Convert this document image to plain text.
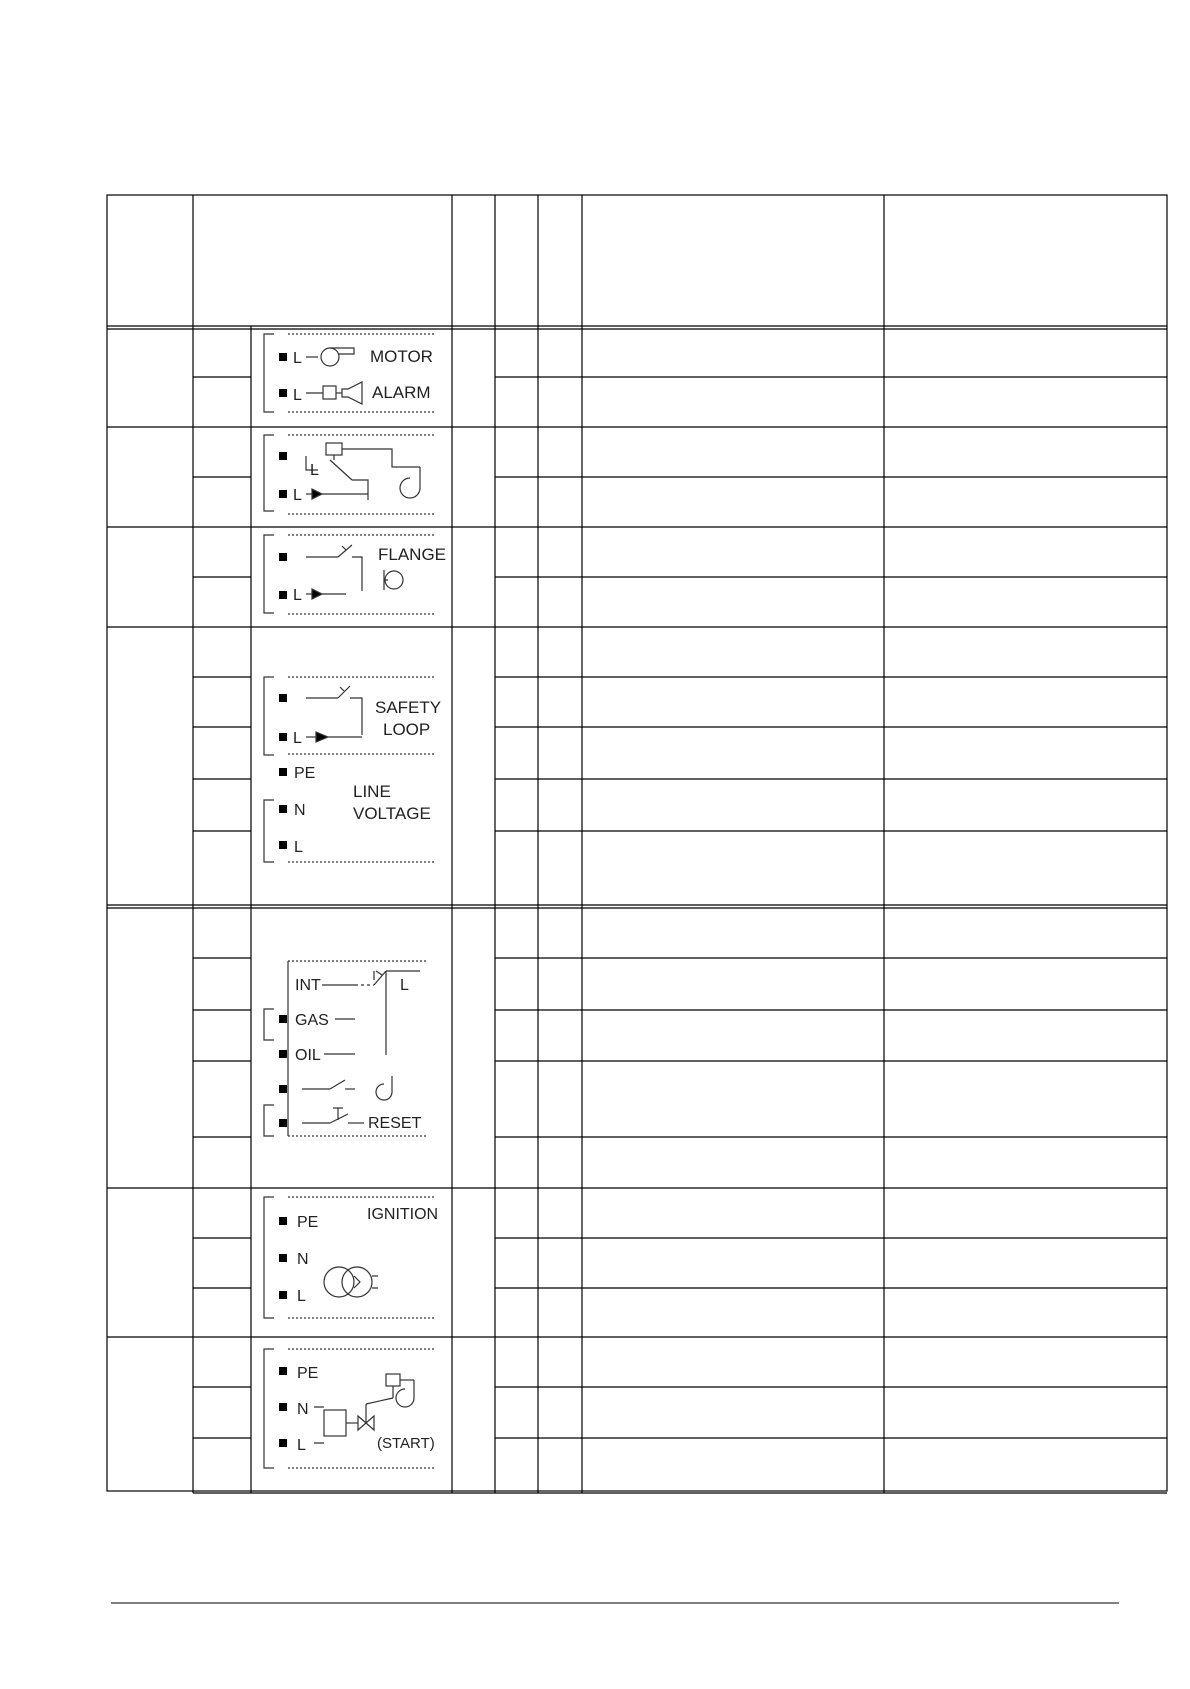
MOTOR
ALARM
L
L
L
L
FLANGE
L
SAFETY
LOOP
L
PE
N
L
LINE
VOLTAGE
INT
GAS
OIL
RESET
L
PE
N
L
IGNITION
PE
N
L	(START)
